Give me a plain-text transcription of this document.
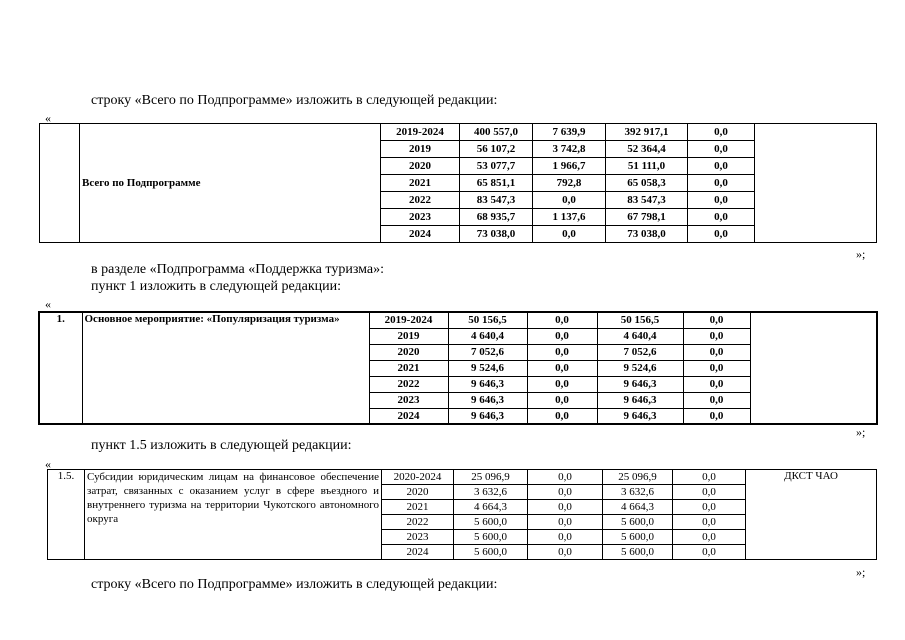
строку «Всего по Подпрограмме» изложить в следующей редакции:
«
	Всего по Подпрограмме	2019-2024	400 557,0	7 639,9	392 917,1	0,0	
		2019	56 107,2	3 742,8	52 364,4	0,0	
		2020	53 077,7	1 966,7	51 111,0	0,0	
		2021	65 851,1	792,8	65 058,3	0,0	
		2022	83 547,3	0,0	83 547,3	0,0	
		2023	68 935,7	1 137,6	67 798,1	0,0	
		2024	73 038,0	0,0	73 038,0	0,0	
»;
в разделе «Подпрограмма «Поддержка туризма»:
пункт 1 изложить в следующей редакции:
«
1.	Основное мероприятие: «Популяризация туризма»	2019-2024	50 156,5	0,0	50 156,5	0,0	
		2019	4 640,4	0,0	4 640,4	0,0	
		2020	7 052,6	0,0	7 052,6	0,0	
		2021	9 524,6	0,0	9 524,6	0,0	
		2022	9 646,3	0,0	9 646,3	0,0	
		2023	9 646,3	0,0	9 646,3	0,0	
		2024	9 646,3	0,0	9 646,3	0,0	
»;
пункт 1.5 изложить в следующей редакции:
«
1.5.	Субсидии юридическим лицам на финансовое обеспечение затрат, связанных с оказанием услуг в сфере въездного и внутреннего туризма на территории Чукотского автономного округа	2020-2024	25 096,9	0,0	25 096,9	0,0	ДКСТ ЧАО
		2020	3 632,6	0,0	3 632,6	0,0	
		2021	4 664,3	0,0	4 664,3	0,0	
		2022	5 600,0	0,0	5 600,0	0,0	
		2023	5 600,0	0,0	5 600,0	0,0	
		2024	5 600,0	0,0	5 600,0	0,0	
»;
строку «Всего по Подпрограмме» изложить в следующей редакции:
